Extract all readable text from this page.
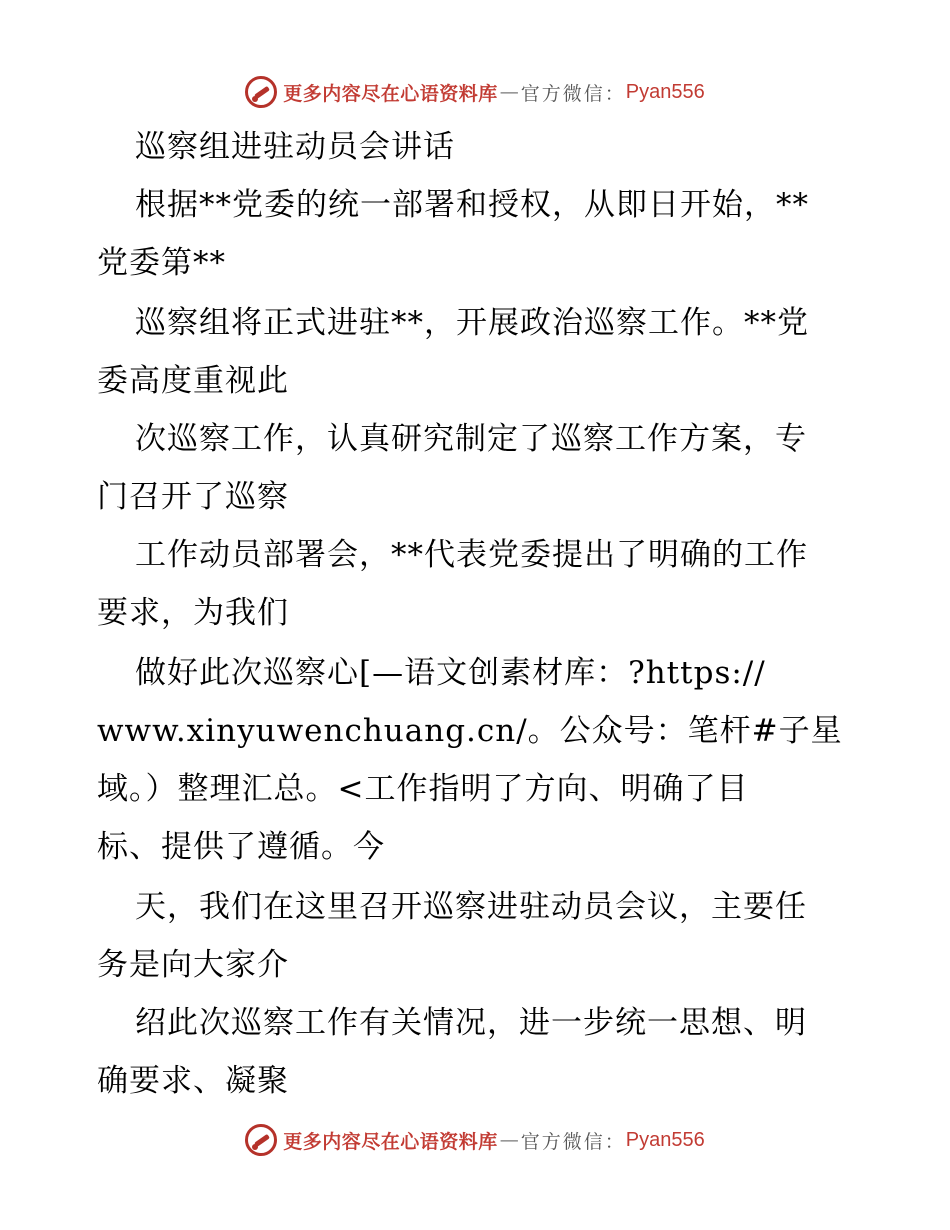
更多内容尽在心语资料库 — 官方微信： Pyan556
巡察组进驻动员会讲话
根据**党委的统一部署和授权，从即日开始，**
党委第**
巡察组将正式进驻**，开展政治巡察工作。**党
委高度重视此
次巡察工作，认真研究制定了巡察工作方案，专
门召开了巡察
工作动员部署会，**代表党委提出了明确的工作
要求，为我们
做好此次巡察心[—语文创素材库：?https://
www.xinyuwenchuang.cn/。公众号：笔杆#子星
域。）整理汇总。<工作指明了方向、明确了目
标、提供了遵循。今
天，我们在这里召开巡察进驻动员会议，主要任
务是向大家介
绍此次巡察工作有关情况，进一步统一思想、明
确要求、凝聚
更多内容尽在心语资料库 — 官方微信： Pyan556
